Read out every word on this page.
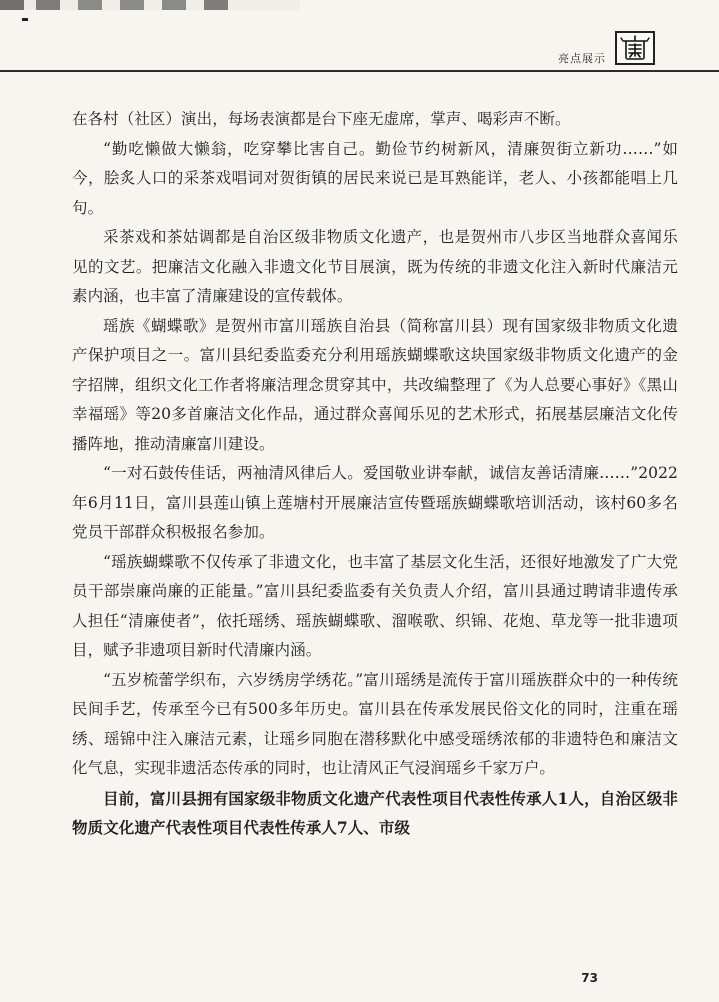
亮点展示

在各村（社区）演出，每场表演都是台下座无虚席，掌声、喝彩声不断。

“勤吃懒做大懒翁，吃穿攀比害自己。勤俭节约树新风，清廉贺街立新功……”如今，脍炙人口的采茶戏唱词对贺街镇的居民来说已是耳熟能详，老人、小孩都能唱上几句。

采茶戏和茶姑调都是自治区级非物质文化遗产，也是贺州市八步区当地群众喜闻乐见的文艺。把廉洁文化融入非遗文化节目展演，既为传统的非遗文化注入新时代廉洁元素内涵，也丰富了清廉建设的宣传载体。

瑶族《蝴蝶歌》是贺州市富川瑶族自治县（简称富川县）现有国家级非物质文化遗产保护项目之一。富川县纪委监委充分利用瑶族蝴蝶歌这块国家级非物质文化遗产的金字招牌，组织文化工作者将廉洁理念贯穿其中，共改编整理了《为人总要心事好》《黑山幸福瑶》等20多首廉洁文化作品，通过群众喜闻乐见的艺术形式，拓展基层廉洁文化传播阵地，推动清廉富川建设。

“一对石鼓传佳话，两袖清风律后人。爱国敬业讲奉献，诚信友善话清廉……”2022年6月11日，富川县莲山镇上莲塘村开展廉洁宣传暨瑶族蝴蝶歌培训活动，该村60多名党员干部群众积极报名参加。

“瑶族蝴蝶歌不仅传承了非遗文化，也丰富了基层文化生活，还很好地激发了广大党员干部崇廉尚廉的正能量。”富川县纪委监委有关负责人介绍，富川县通过聘请非遗传承人担任“清廉使者”，依托瑶绣、瑶族蝴蝶歌、溜喉歌、织锦、花炮、草龙等一批非遗项目，赋予非遗项目新时代清廉内涵。

“五岁梳蕾学织布，六岁绣房学绣花。”富川瑶绣是流传于富川瑶族群众中的一种传统民间手艺，传承至今已有500多年历史。富川县在传承发展民俗文化的同时，注重在瑶绣、瑶锦中注入廉洁元素，让瑶乡同胞在潜移默化中感受瑶绣浓郁的非遗特色和廉洁文化气息，实现非遗活态传承的同时，也让清风正气浸润瑶乡千家万户。

目前，富川县拥有国家级非物质文化遗产代表性项目代表性传承人1人，自治区级非物质文化遗产代表性项目代表性传承人7人、市级

73
